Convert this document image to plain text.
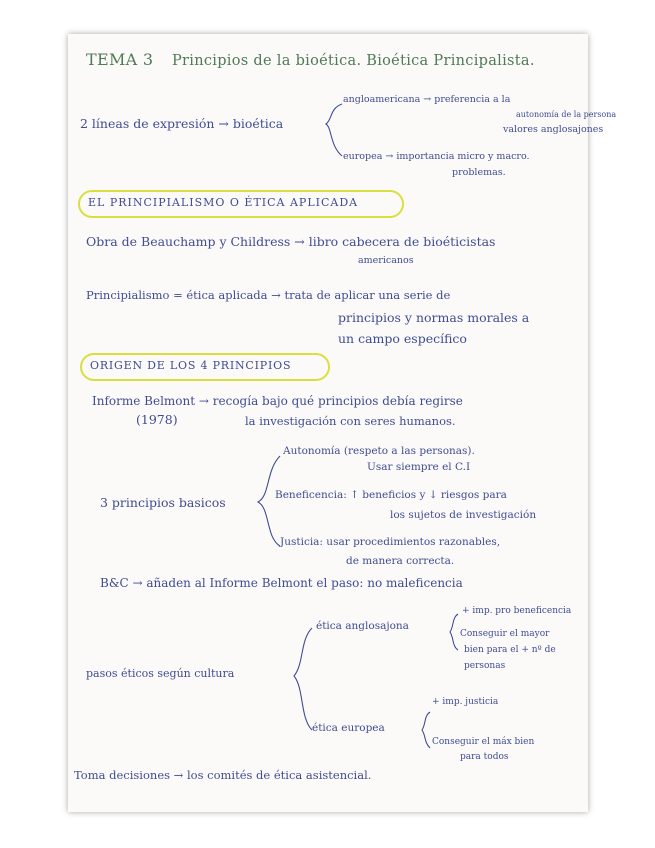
TEMA 3 Principios de la bioética. Bioética Principalista.
2 líneas de expresión → bioética
angloamericana → preferencia a la
autonomía de la persona
valores anglosajones
europea → importancia micro y macro.
problemas.
EL PRINCIPIALISMO O ÉTICA APLICADA
Obra de Beauchamp y Childress → libro cabecera de bioéticistas
americanos
Principialismo = ética aplicada → trata de aplicar una serie de
principios y normas morales a
un campo específico
ORIGEN DE LOS 4 PRINCIPIOS
Informe Belmont → recogía bajo qué principios debía regirse
(1978)	la investigación con seres humanos.
3 principios basicos
Autonomía (respeto a las personas).
Usar siempre el C.I
Beneficencia: ↑ beneficios y ↓ riesgos para
los sujetos de investigación
Justicia: usar procedimientos razonables,
de manera correcta.
B&C → añaden al Informe Belmont el paso: no maleficencia
pasos éticos según cultura
ética anglosajona
+ imp. pro beneficencia
Conseguir el mayor
bien para el + nº de
personas
ética europea
+ imp. justicia
Conseguir el máx bien
para todos
Toma decisiones → los comités de ética asistencial.
